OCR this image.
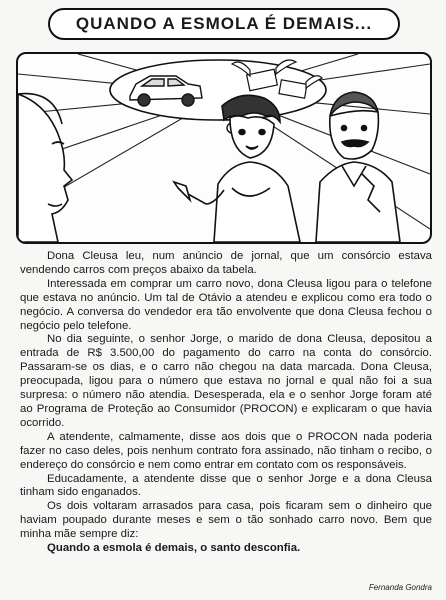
QUANDO A ESMOLA É DEMAIS...

Dona Cleusa leu, num anúncio de jornal, que um consórcio estava vendendo carros com preços abaixo da tabela.

Interessada em comprar um carro novo, dona Cleusa ligou para o telefone que estava no anúncio. Um tal de Otávio a atendeu e explicou como era todo o negócio. A conversa do vendedor era tão envolvente que dona Cleusa fechou o negócio pelo telefone.

No dia seguinte, o senhor Jorge, o marido de dona Cleusa, depositou a entrada de R$ 3.500,00 do pagamento do carro na conta do consórcio. Passaram-se os dias, e o carro não chegou na data marcada. Dona Cleusa, preocupada, ligou para o número que estava no jornal e qual não foi a sua surpresa: o número não atendia. Desesperada, ela e o senhor Jorge foram até ao Programa de Proteção ao Consumidor (PROCON) e explicaram o que havia ocorrido.

A atendente, calmamente, disse aos dois que o PROCON nada poderia fazer no caso deles, pois nenhum contrato fora assinado, não tinham o recibo, o endereço do consórcio e nem como entrar em contato com os responsáveis.

Educadamente, a atendente disse que o senhor Jorge e a dona Cleusa tinham sido enganados.

Os dois voltaram arrasados para casa, pois ficaram sem o dinheiro que haviam poupado durante meses e sem o tão sonhado carro novo. Bem que minha mãe sempre diz:

Quando a esmola é demais, o santo desconfia.

Fernanda Gondra
